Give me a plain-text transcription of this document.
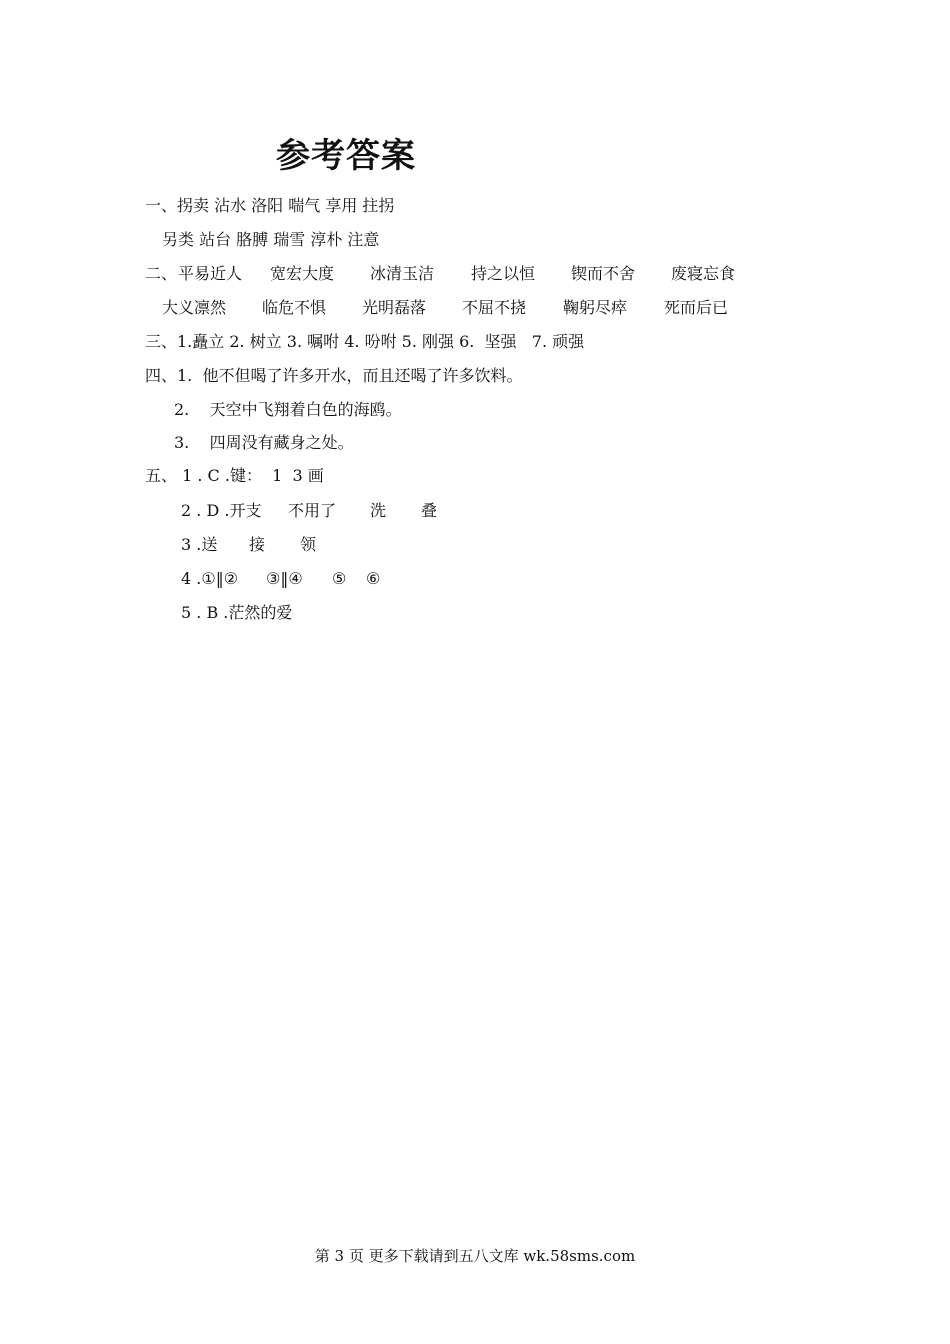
参考答案
一、拐卖 沾水 洛阳 喘气 享用 拄拐
另类 站台 胳膊 瑞雪 淳朴 注意
二、 平易近人 宽宏大度 冰清玉洁 持之以恒 锲而不舍 废寝忘食
大义凛然 临危不惧 光明磊落 不屈不挠 鞠躬尽瘁 死而后已
三、1.矗立 2. 树立 3. 嘱咐 4. 吩咐 5. 刚强 6.  坚强   7. 顽强
四、1.  他不但喝了许多开水，而且还喝了许多饮料。
2.    天空中飞翔着白色的海鸥。
3.    四周没有藏身之处。
五、 1 . C .键：  1  3 画
2 . D .开支 不用了 洗 叠
3 .送 接 领
4 .①‖② ③‖④ ⑤ ⑥
5 . B .茫然的爱
第 3 页 更多下载请到五八文库 wk.58sms.com
